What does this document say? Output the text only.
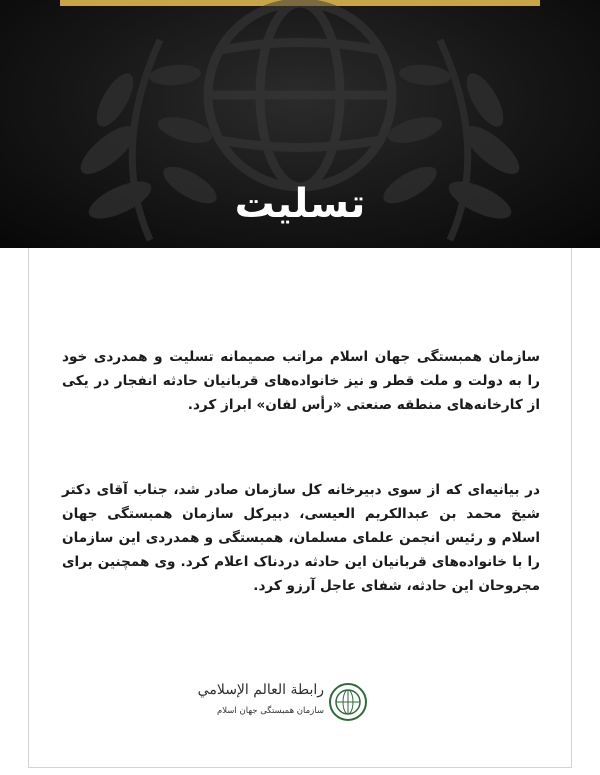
تسلیت
سازمان همبستگی جهان اسلام مراتب صمیمانه تسلیت و همدردی خود را به دولت و ملت قطر و نیز خانواده‌های قربانیان حادثه انفجار در یکی از کارخانه‌های منطقه صنعتی «رأس لفان» ابراز کرد.
در بیانیه‌ای که از سوی دبیرخانه کل سازمان صادر شد، جناب آقای دکتر شیخ محمد بن عبدالکریم العیسی، دبیرکل سازمان همبستگی جهان اسلام و رئیس انجمن علمای مسلمان، همبستگی و همدردی این سازمان را با خانواده‌های قربانیان این حادثه دردناک اعلام کرد. وی همچنین برای مجروحان این حادثه، شفای عاجل آرزو کرد.
رابطة العالم الإسلامي
سازمان همبستگی جهان اسلام
